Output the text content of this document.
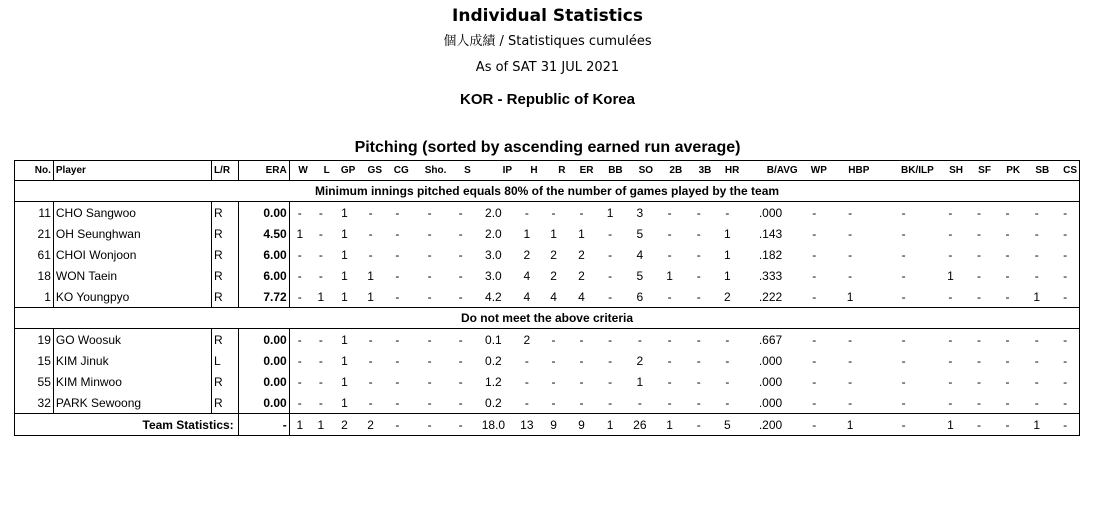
Individual Statistics
個人成績 / Statistiques cumulées
As of SAT 31 JUL 2021
KOR - Republic of Korea
Pitching (sorted by ascending earned run average)
No.	Player	L/R	ERA	W	L	GP	GS	CG	Sho.	S	IP	H	R	ER	BB	SO	2B	3B	HR	B/AVG	WP	HBP	BK/ILP	SH	SF	PK	SB	CS
Minimum innings pitched equals 80% of the number of games played by the team																												
11	CHO Sangwoo	R	0.00	-	-	1	-	-	-	-	2.0	-	-	-	1	3	-	-	-	.000	-	-	-	-	-	-	-	-
21	OH Seunghwan	R	4.50	1	-	1	-	-	-	-	2.0	1	1	1	-	5	-	-	1	.143	-	-	-	-	-	-	-	-
61	CHOI Wonjoon	R	6.00	-	-	1	-	-	-	-	3.0	2	2	2	-	4	-	-	1	.182	-	-	-	-	-	-	-	-
18	WON Taein	R	6.00	-	-	1	1	-	-	-	3.0	4	2	2	-	5	1	-	1	.333	-	-	-	1	-	-	-	-
1	KO Youngpyo	R	7.72	-	1	1	1	-	-	-	4.2	4	4	4	-	6	-	-	2	.222	-	1	-	-	-	-	1	-
Do not meet the above criteria																												
19	GO Woosuk	R	0.00	-	-	1	-	-	-	-	0.1	2	-	-	-	-	-	-	-	.667	-	-	-	-	-	-	-	-
15	KIM Jinuk	L	0.00	-	-	1	-	-	-	-	0.2	-	-	-	-	2	-	-	-	.000	-	-	-	-	-	-	-	-
55	KIM Minwoo	R	0.00	-	-	1	-	-	-	-	1.2	-	-	-	-	1	-	-	-	.000	-	-	-	-	-	-	-	-
32	PARK Sewoong	R	0.00	-	-	1	-	-	-	-	0.2	-	-	-	-	-	-	-	-	.000	-	-	-	-	-	-	-	-
Team Statistics:			-	1	1	2	2	-	-	-	18.0	13	9	9	1	26	1	-	5	.200	-	1	-	1	-	-	1	-
